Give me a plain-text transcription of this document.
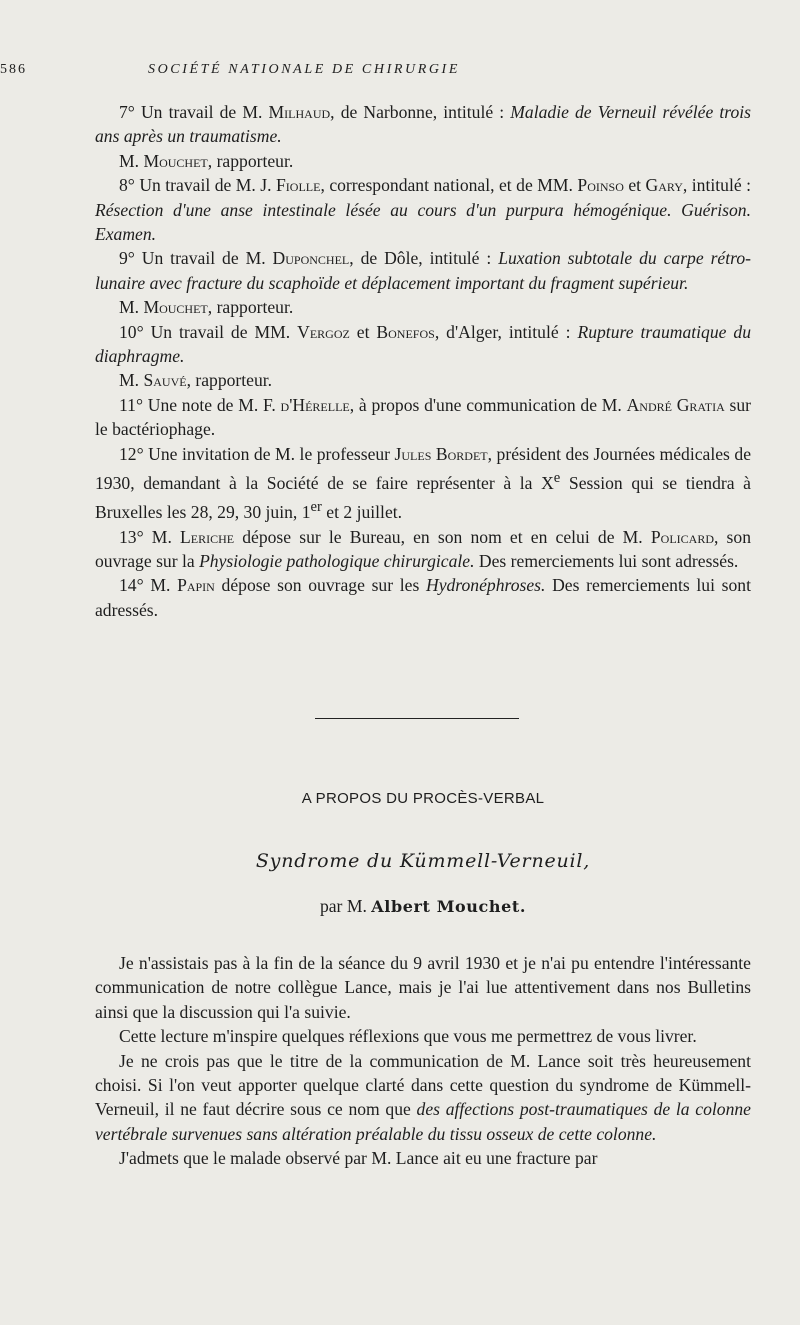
586	SOCIÉTÉ NATIONALE DE CHIRURGIE

7° Un travail de M. Milhaud, de Narbonne, intitulé : Maladie de Verneuil révélée trois ans après un traumatisme.

M. Mouchet, rapporteur.

8° Un travail de M. J. Fiolle, correspondant national, et de MM. Poinso et Gary, intitulé : Résection d'une anse intestinale lésée au cours d'un purpura hémogénique. Guérison. Examen.

9° Un travail de M. Duponchel, de Dôle, intitulé : Luxation subtotale du carpe rétro-lunaire avec fracture du scaphoïde et déplacement important du fragment supérieur.

M. Mouchet, rapporteur.

10° Un travail de MM. Vergoz et Bonefos, d'Alger, intitulé : Rupture traumatique du diaphragme.

M. Sauvé, rapporteur.

11° Une note de M. F. d'Hérelle, à propos d'une communication de M. André Gratia sur le bactériophage.

12° Une invitation de M. le professeur Jules Bordet, président des Journées médicales de 1930, demandant à la Société de se faire représenter à la Xe Session qui se tiendra à Bruxelles les 28, 29, 30 juin, 1er et 2 juillet.

13° M. Leriche dépose sur le Bureau, en son nom et en celui de M. Policard, son ouvrage sur la Physiologie pathologique chirurgicale. Des remerciements lui sont adressés.

14° M. Papin dépose son ouvrage sur les Hydronéphroses. Des remerciements lui sont adressés.

A PROPOS DU PROCÈS-VERBAL
Syndrome du Kümmell-Verneuil,
par M. Albert Mouchet.

Je n'assistais pas à la fin de la séance du 9 avril 1930 et je n'ai pu entendre l'intéressante communication de notre collègue Lance, mais je l'ai lue attentivement dans nos Bulletins ainsi que la discussion qui l'a suivie.

Cette lecture m'inspire quelques réflexions que vous me permettrez de vous livrer.

Je ne crois pas que le titre de la communication de M. Lance soit très heureusement choisi. Si l'on veut apporter quelque clarté dans cette question du syndrome de Kümmell-Verneuil, il ne faut décrire sous ce nom que des affections post-traumatiques de la colonne vertébrale survenues sans altération préalable du tissu osseux de cette colonne.

J'admets que le malade observé par M. Lance ait eu une fracture par
